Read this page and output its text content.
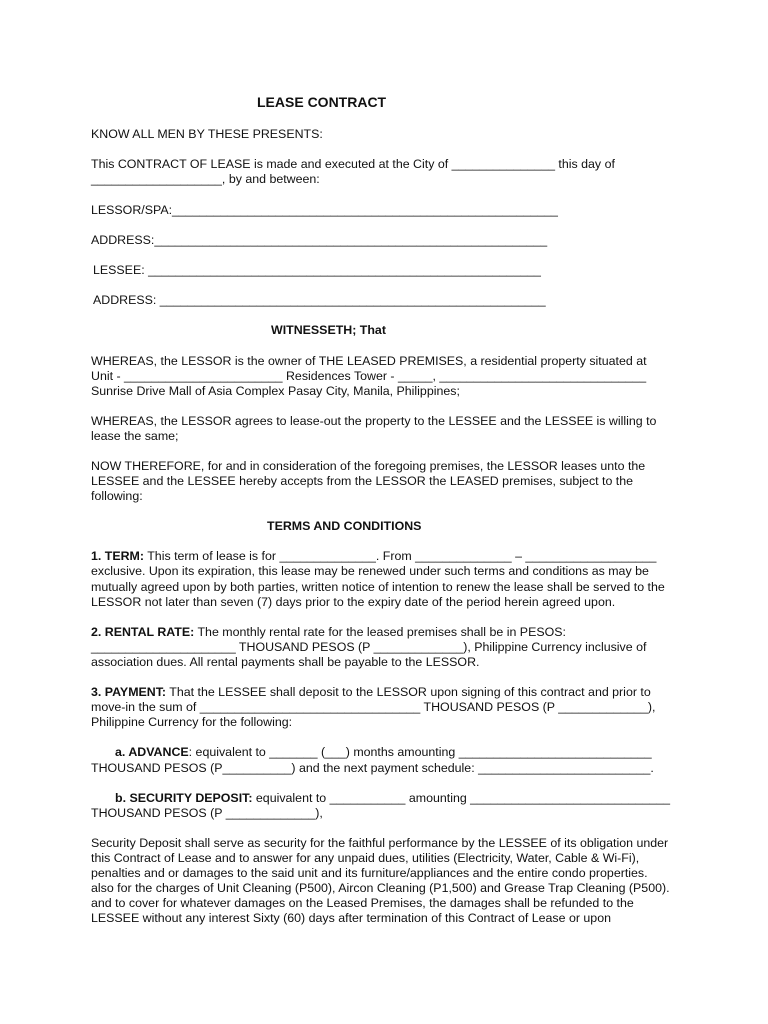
LEASE CONTRACT

KNOW ALL MEN BY THESE PRESENTS:

This CONTRACT OF LEASE is made and executed at the City of _______________ this day of

___________________, by and between:

LESSOR/SPA:________________________________________________________

ADDRESS:_________________________________________________________

LESSEE: _________________________________________________________

ADDRESS: ________________________________________________________

WITNESSETH; That

WHEREAS, the LESSOR is the owner of THE LEASED PREMISES, a residential property situated at

Unit - _______________________ Residences Tower - _____, ______________________________

Sunrise Drive Mall of Asia Complex Pasay City, Manila, Philippines;

WHEREAS, the LESSOR agrees to lease-out the property to the LESSEE and the LESSEE is willing to

lease the same;

NOW THEREFORE, for and in consideration of the foregoing premises, the LESSOR leases unto the

LESSEE and the LESSEE hereby accepts from the LESSOR the LEASED premises, subject to the

following:

TERMS AND CONDITIONS

1. TERM: This term of lease is for ______________. From ______________ – ___________________

exclusive. Upon its expiration, this lease may be renewed under such terms and conditions as may be

mutually agreed upon by both parties, written notice of intention to renew the lease shall be served to the

LESSOR not later than seven (7) days prior to the expiry date of the period herein agreed upon.

2. RENTAL RATE: The monthly rental rate for the leased premises shall be in PESOS:

_____________________ THOUSAND PESOS (P _____________), Philippine Currency inclusive of

association dues. All rental payments shall be payable to the LESSOR.

3. PAYMENT: That the LESSEE shall deposit to the LESSOR upon signing of this contract and prior to

move-in the sum of ________________________________ THOUSAND PESOS (P _____________),

Philippine Currency for the following:

a. ADVANCE: equivalent to _______ (___) months amounting ____________________________

THOUSAND PESOS (P__________) and the next payment schedule: _________________________.

b. SECURITY DEPOSIT: equivalent to ___________ amounting _____________________________

THOUSAND PESOS (P _____________),

Security Deposit shall serve as security for the faithful performance by the LESSEE of its obligation under

this Contract of Lease and to answer for any unpaid dues, utilities (Electricity, Water, Cable & Wi-Fi),

penalties and or damages to the said unit and its furniture/appliances and the entire condo properties.

also for the charges of Unit Cleaning (P500), Aircon Cleaning (P1,500) and Grease Trap Cleaning (P500).

and to cover for whatever damages on the Leased Premises, the damages shall be refunded to the

LESSEE without any interest Sixty (60) days after termination of this Contract of Lease or upon
